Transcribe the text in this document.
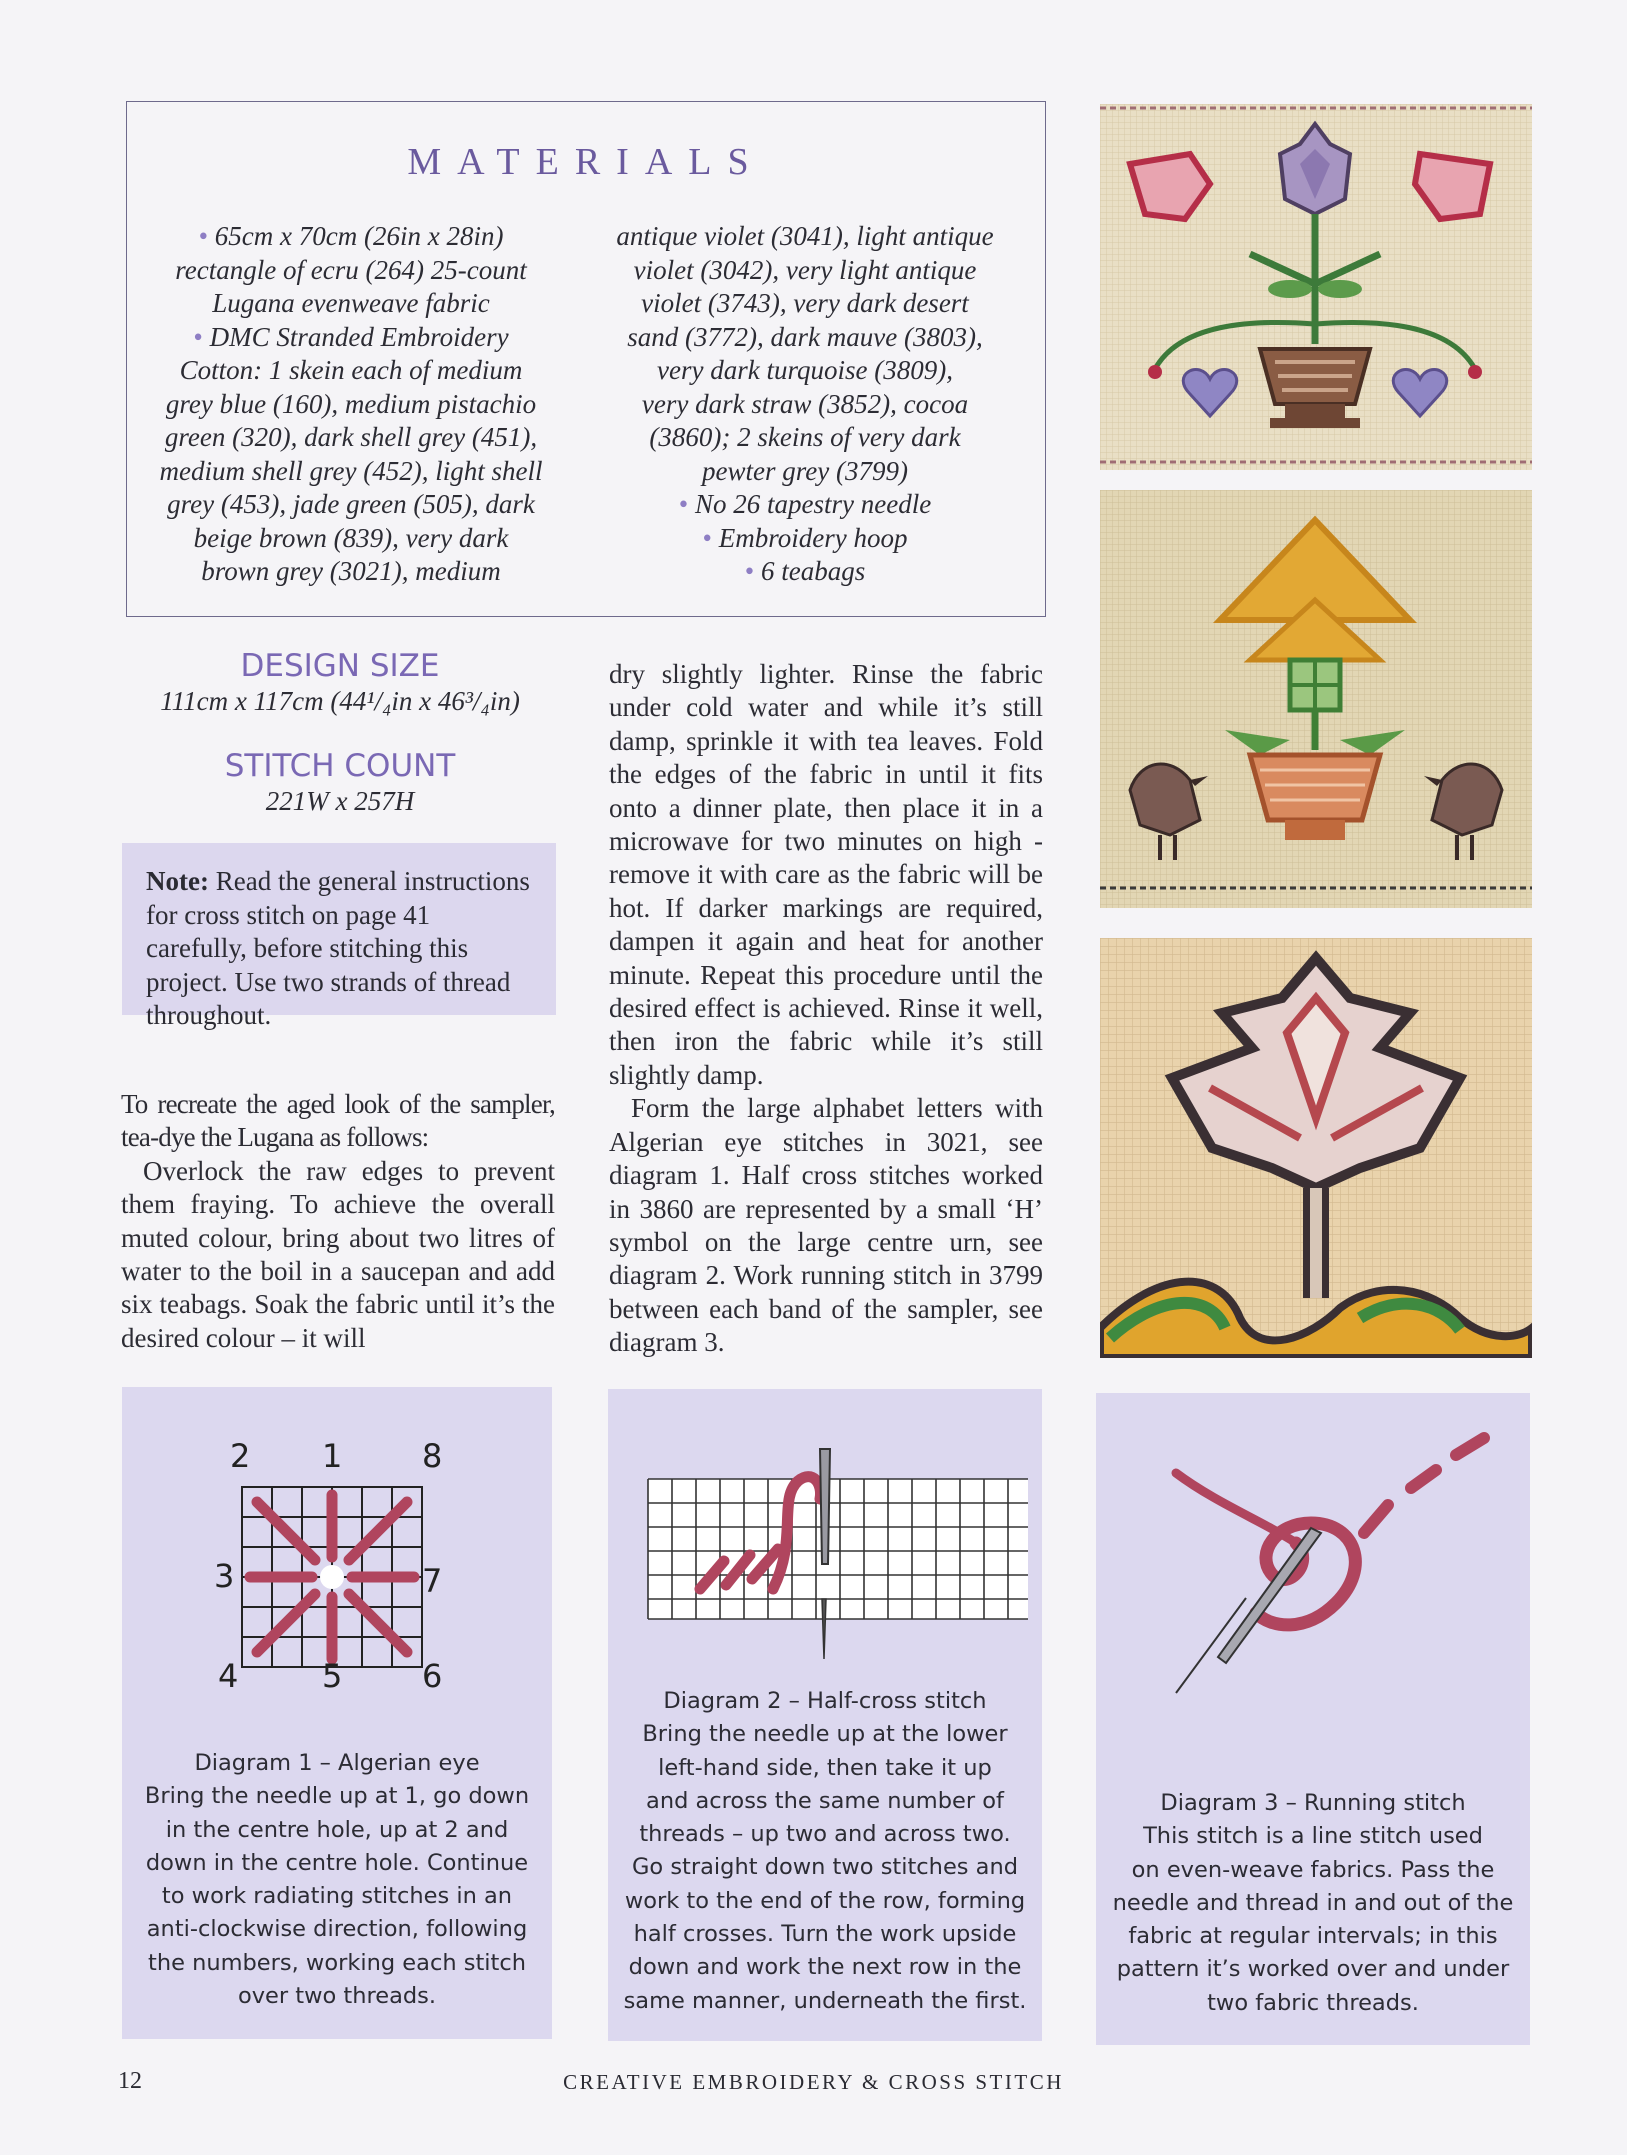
MATERIALS

• 65cm x 70cm (26in x 28in)

rectangle of ecru (264) 25-count

Lugana evenweave fabric

• DMC Stranded Embroidery

Cotton: 1 skein each of medium

grey blue (160), medium pistachio

green (320), dark shell grey (451),

medium shell grey (452), light shell

grey (453), jade green (505), dark

beige brown (839), very dark

brown grey (3021), medium

antique violet (3041), light antique

violet (3042), very light antique

violet (3743), very dark desert

sand (3772), dark mauve (3803),

very dark turquoise (3809),

very dark straw (3852), cocoa

(3860); 2 skeins of very dark

pewter grey (3799)

• No 26 tapestry needle

• Embroidery hoop

• 6 teabags

DESIGN SIZE
111cm x 117cm (44¹/₄in x 46³/₄in)
STITCH COUNT
221W x 257H
Note: Read the general instructions for cross stitch on page 41 carefully, before stitching this project. Use two strands of thread throughout.

To recreate the aged look of the sampler, tea-dye the Lugana as follows:

Overlock the raw edges to prevent them fraying. To achieve the overall muted colour, bring about two litres of water to the boil in a saucepan and add six teabags. Soak the fabric until it’s the desired colour – it will

dry slightly lighter. Rinse the fabric under cold water and while it’s still damp, sprinkle it with tea leaves. Fold the edges of the fabric in until it fits onto a dinner plate, then place it in a microwave for two minutes on high - remove it with care as the fabric will be hot. If darker markings are required, dampen it again and heat for another minute. Repeat this procedure until the desired effect is achieved. Rinse it well, then iron the fabric while it’s still slightly damp.

Form the large alphabet letters with Algerian eye stitches in 3021, see diagram 1. Half cross stitches worked in 3860 are represented by a small ‘H’ symbol on the large centre urn, see diagram 2. Work running stitch in 3799 between each band of the sampler, see diagram 3.

2 1 8
3	7
4	5 6

Diagram 1 – Algerian eye

Bring the needle up at 1, go down

in the centre hole, up at 2 and

down in the centre hole. Continue

to work radiating stitches in an

anti-clockwise direction, following

the numbers, working each stitch

over two threads.

Diagram 2 – Half-cross stitch

Bring the needle up at the lower

left-hand side, then take it up

and across the same number of

threads – up two and across two.

Go straight down two stitches and

work to the end of the row, forming

half crosses. Turn the work upside

down and work the next row in the

same manner, underneath the first.

Diagram 3 – Running stitch

This stitch is a line stitch used

on even-weave fabrics. Pass the

needle and thread in and out of the

fabric at regular intervals; in this

pattern it’s worked over and under

two fabric threads.

12	CREATIVE EMBROIDERY & CROSS STITCH
